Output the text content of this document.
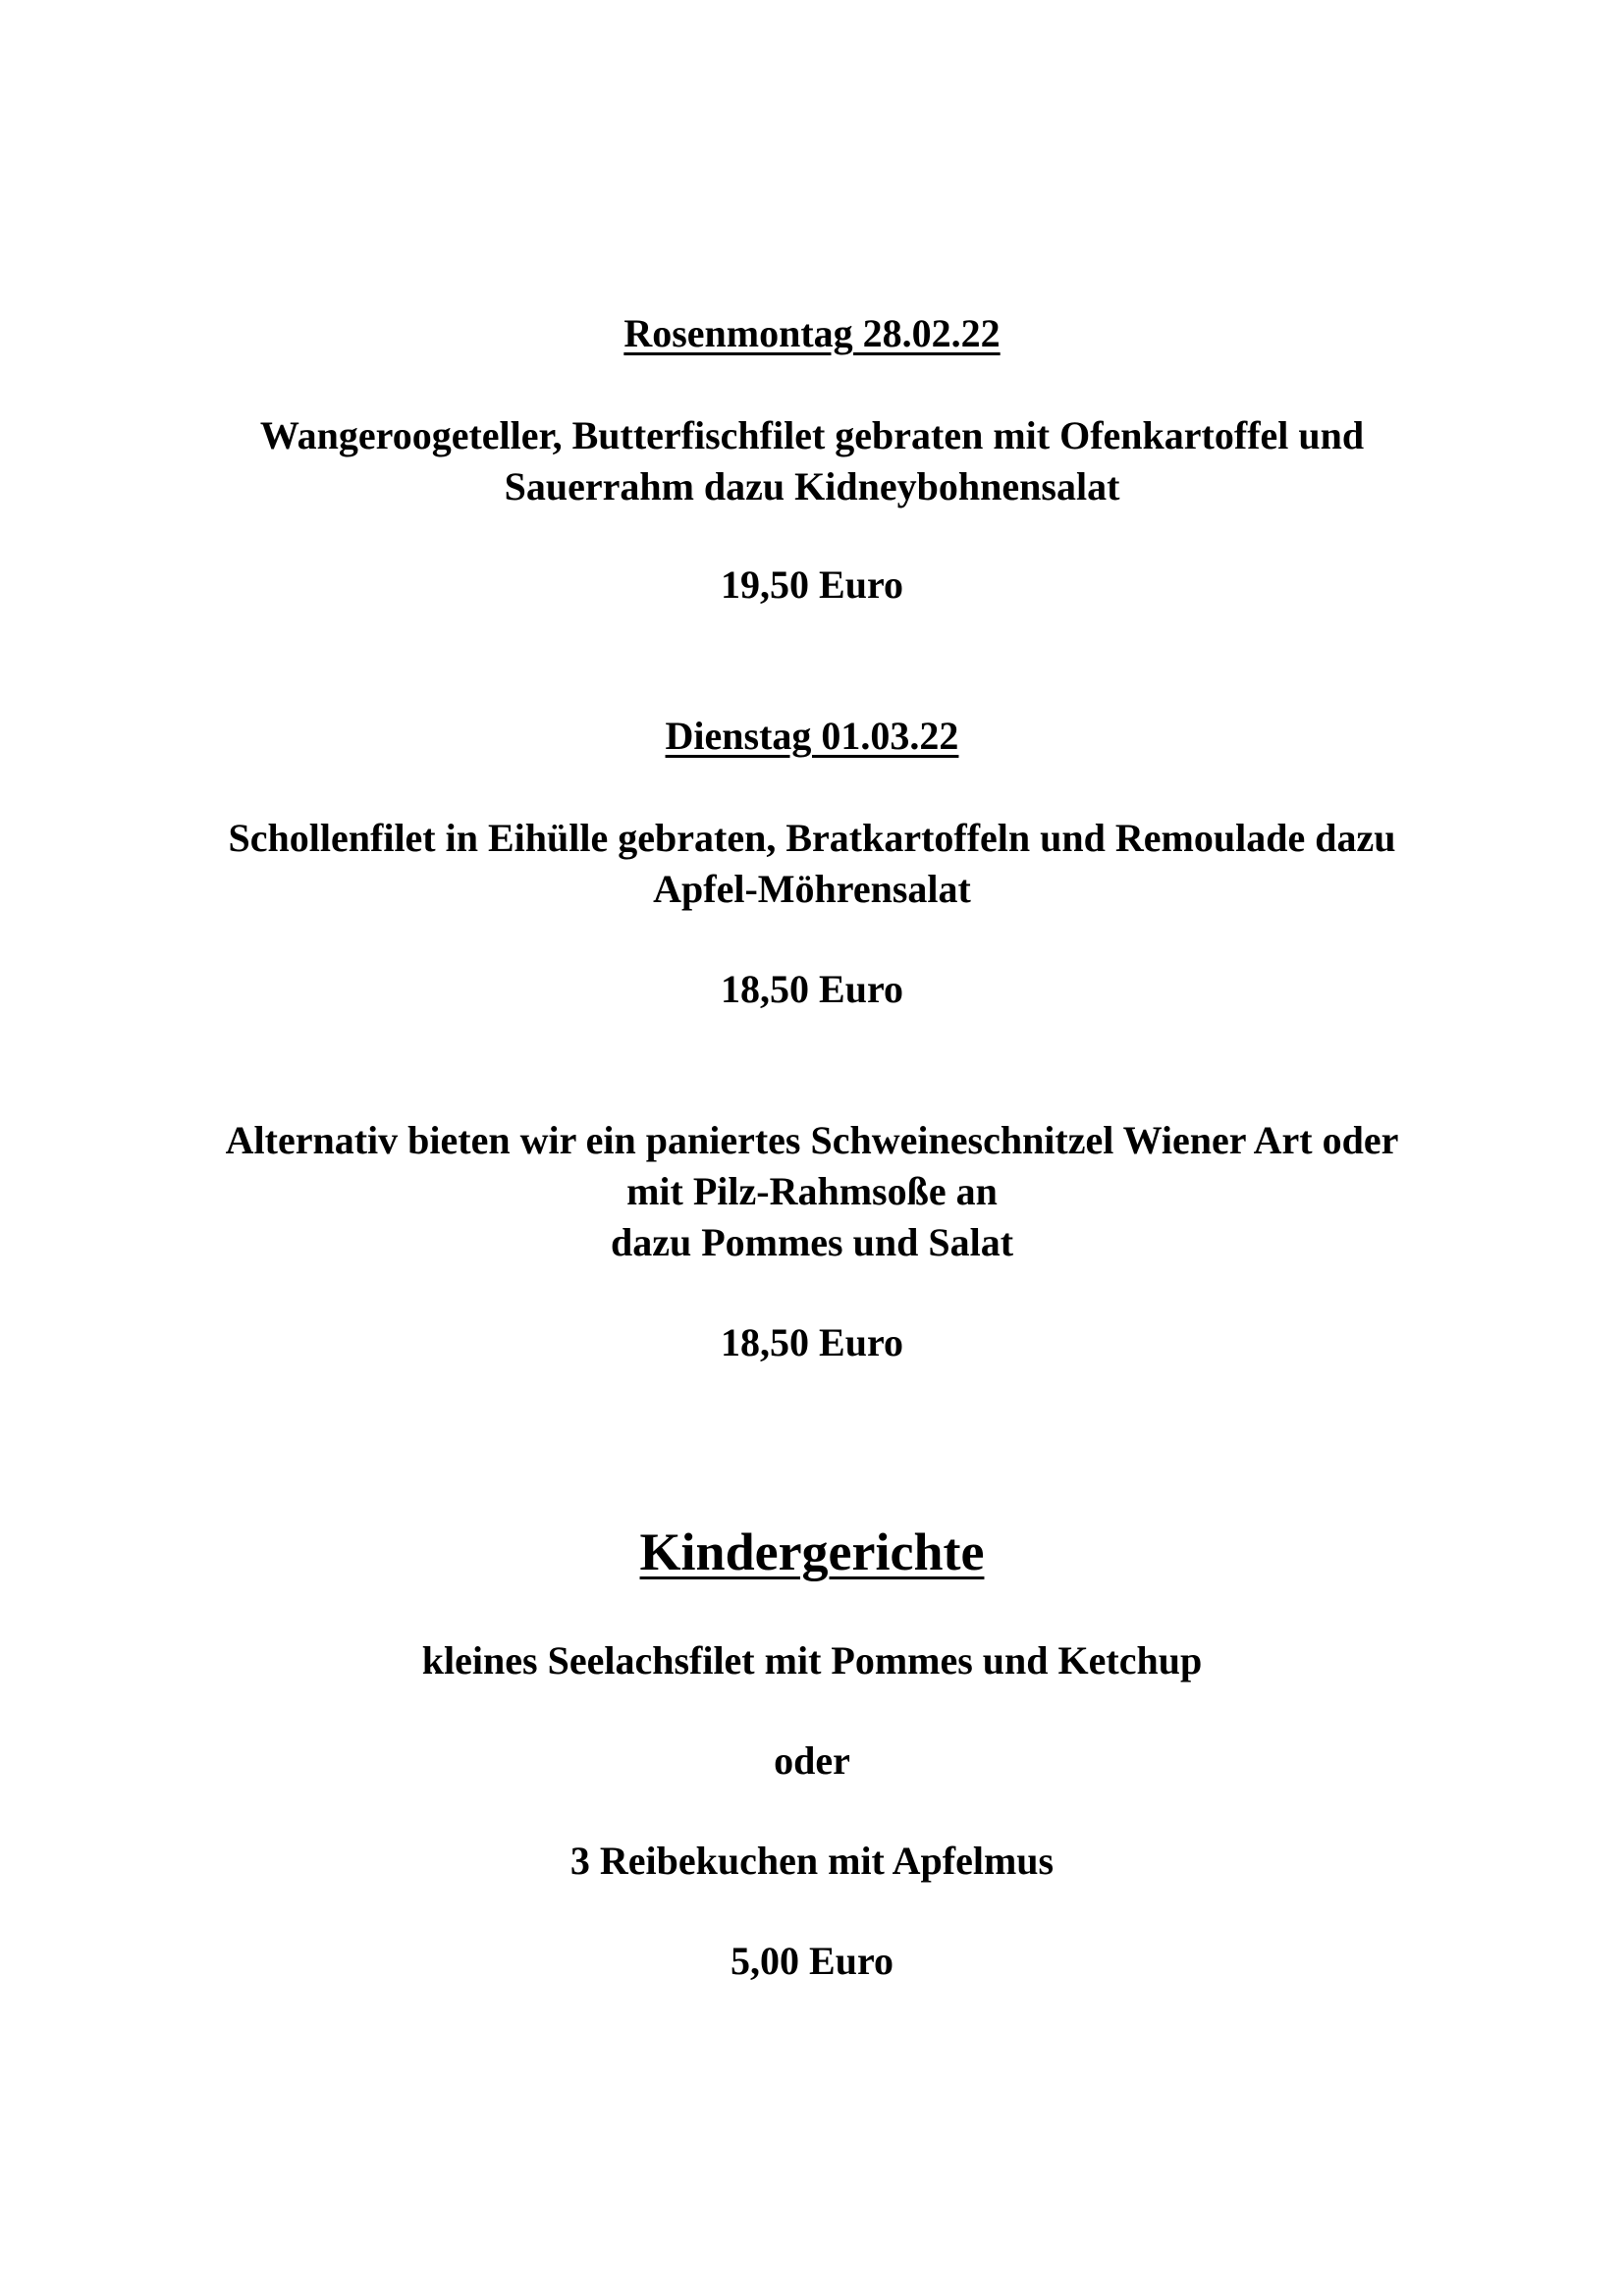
Rosenmontag 28.02.22
Wangeroogeteller, Butterfischfilet gebraten mit Ofenkartoffel und
Sauerrahm dazu Kidneybohnensalat
19,50 Euro
Dienstag 01.03.22
Schollenfilet in Eihülle gebraten, Bratkartoffeln und Remoulade dazu
Apfel-Möhrensalat
18,50 Euro
Alternativ bieten wir ein paniertes Schweineschnitzel Wiener Art oder
mit Pilz-Rahmsoße an
dazu Pommes und Salat
18,50 Euro
Kindergerichte
kleines Seelachsfilet mit Pommes und Ketchup
oder
3 Reibekuchen mit Apfelmus
5,00 Euro
